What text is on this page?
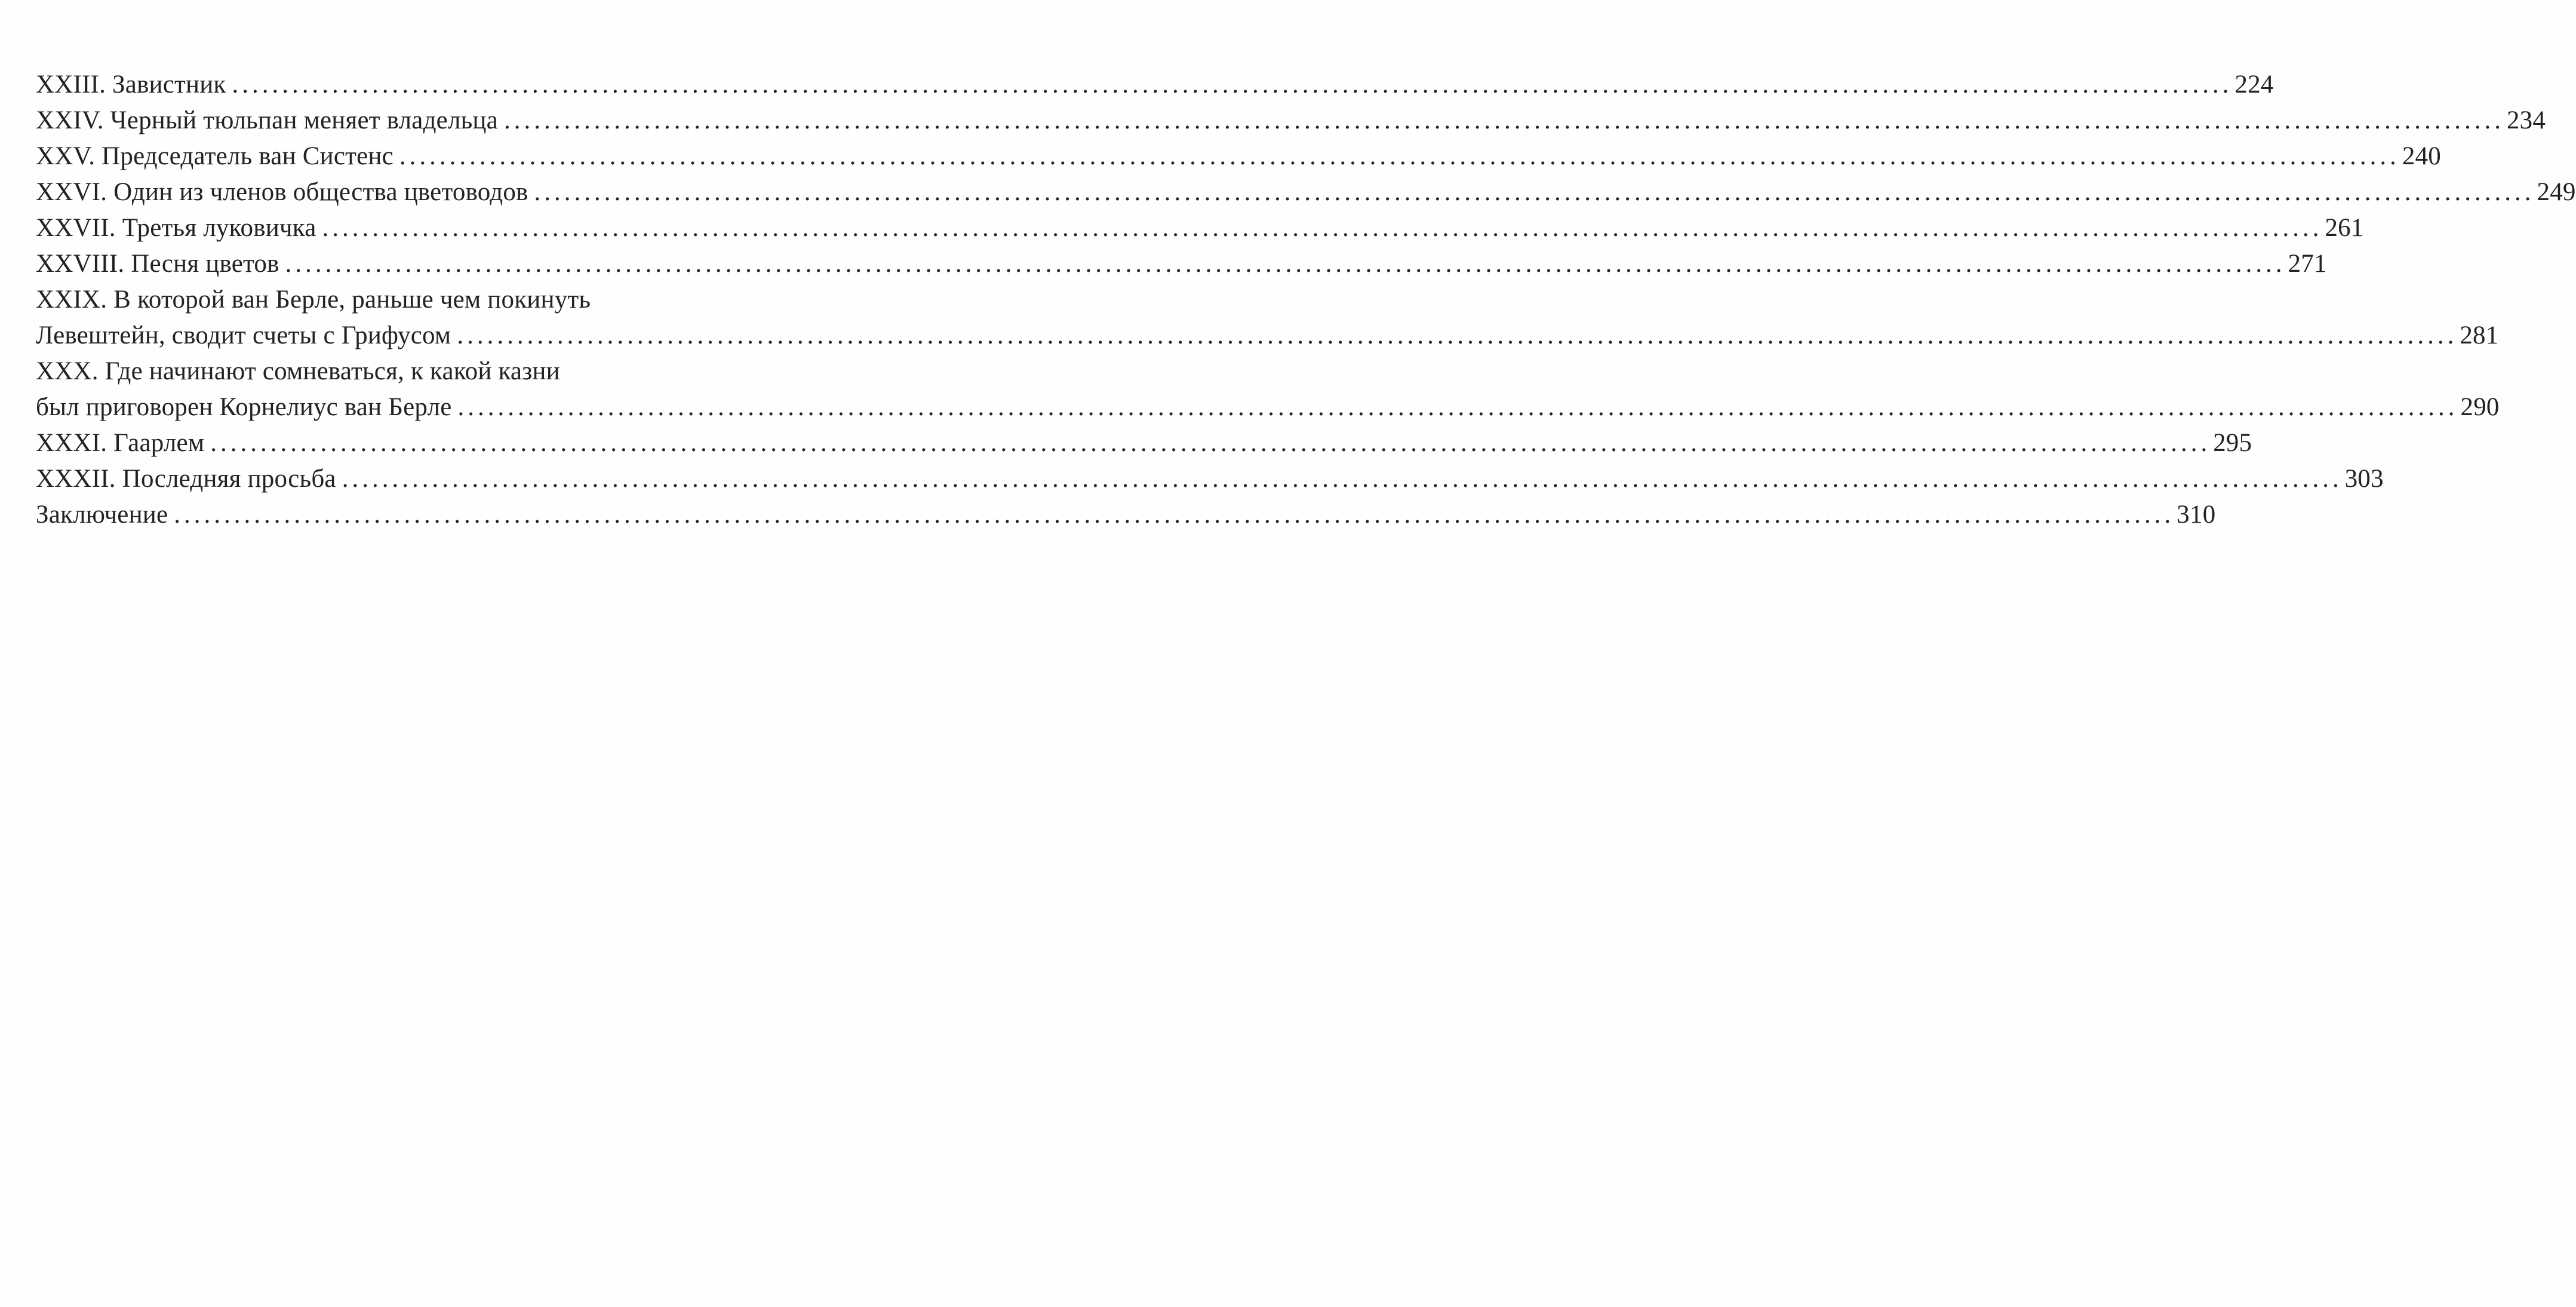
XXIII. Завистник ........................................................................................................................................................................................................ 224
XXIV. Черный тюльпан меняет владельца ........................................................................................................................................................................................................ 234
XXV. Председатель ван Систенс ........................................................................................................................................................................................................ 240
XXVI. Один из членов общества цветоводов ........................................................................................................................................................................................................ 249
XXVII. Третья луковичка ........................................................................................................................................................................................................ 261
XXVIII. Песня цветов ........................................................................................................................................................................................................ 271
XXIX. В которой ван Берле, раньше чем покинуть
Левештейн, сводит счеты с Грифусом ........................................................................................................................................................................................................ 281
XXX. Где начинают сомневаться, к какой казни
был приговорен Корнелиус ван Берле ........................................................................................................................................................................................................ 290
XXXI. Гаарлем ........................................................................................................................................................................................................ 295
XXXII. Последняя просьба ........................................................................................................................................................................................................ 303
Заключение ........................................................................................................................................................................................................ 310
